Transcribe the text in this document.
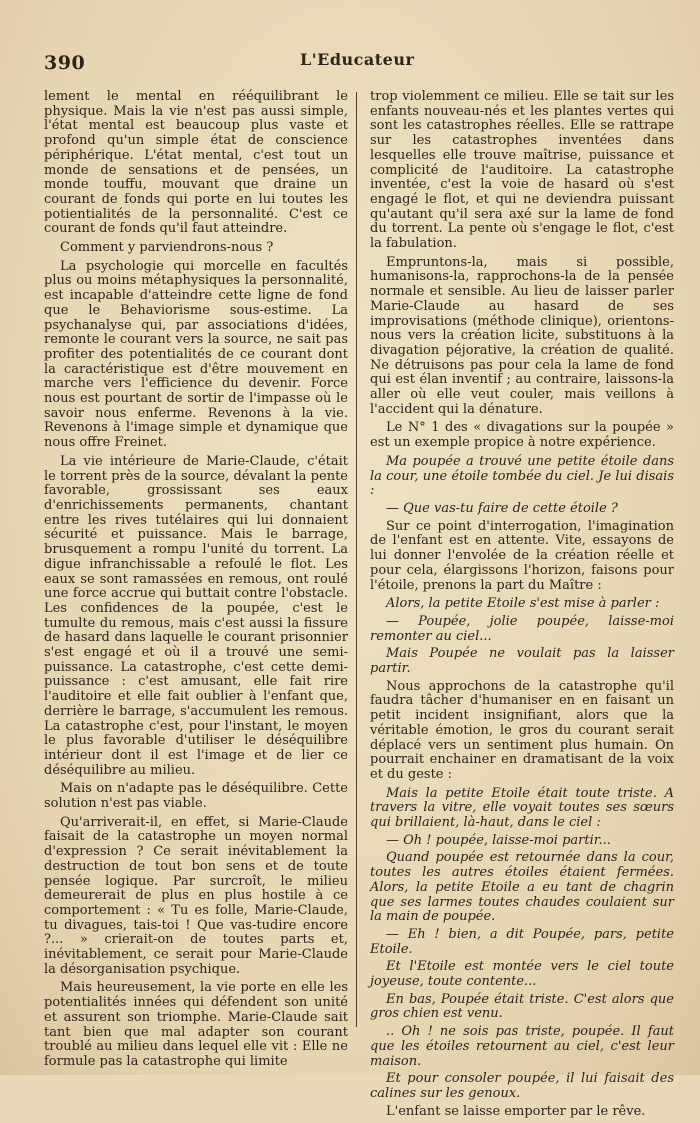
390	L'Educateur

lement le mental en rééquilibrant le physique. Mais la vie n'est pas aussi simple, l'état mental est beaucoup plus vaste et profond qu'un simple état de conscience périphérique. L'état mental, c'est tout un monde de sensations et de pensées, un monde touffu, mouvant que draine un courant de fonds qui porte en lui toutes les potientialités de la personnalité. C'est ce courant de fonds qu'il faut atteindre.

Comment y parviendrons-nous ?

La psychologie qui morcelle en facultés plus ou moins métaphysiques la personnalité, est incapable d'atteindre cette ligne de fond que le Behaviorisme sous-estime. La psychanalyse qui, par associations d'idées, remonte le courant vers la source, ne sait pas profiter des potentialités de ce courant dont la caractéristique est d'être mouvement en marche vers l'efficience du devenir. Force nous est pourtant de sortir de l'impasse où le savoir nous enferme. Revenons à la vie. Revenons à l'image simple et dynamique que nous offre Freinet.

La vie intérieure de Marie-Claude, c'était le torrent près de la source, dévalant la pente favorable, grossissant ses eaux d'enrichissements permanents, chantant entre les rives tutélaires qui lui donnaient sécurité et puissance. Mais le barrage, brusquement a rompu l'unité du torrent. La digue infranchissable a refoulé le flot. Les eaux se sont ramassées en remous, ont roulé une force accrue qui buttait contre l'obstacle. Les confidences de la poupée, c'est le tumulte du remous, mais c'est aussi la fissure de hasard dans laquelle le courant prisonnier s'est engagé et où il a trouvé une semi-puissance. La catastrophe, c'est cette demi-puissance : c'est amusant, elle fait rire l'auditoire et elle fait oublier à l'enfant que, derrière le barrage, s'accumulent les remous. La catastrophe c'est, pour l'instant, le moyen le plus favorable d'utiliser le déséquilibre intérieur dont il est l'image et de lier ce déséquilibre au milieu.

Mais on n'adapte pas le déséquilibre. Cette solution n'est pas viable.

Qu'arriverait-il, en effet, si Marie-Claude faisait de la catastrophe un moyen normal d'expression ? Ce serait inévitablement la destruction de tout bon sens et de toute pensée logique. Par surcroît, le milieu demeurerait de plus en plus hostile à ce comportement : « Tu es folle, Marie-Claude, tu divagues, tais-toi ! Que vas-tudire encore ?... » crierait-on de toutes parts et, inévitablement, ce serait pour Marie-Claude la désorganisation psychique.

Mais heureusement, la vie porte en elle les potentialités innées qui défendent son unité et assurent son triomphe. Marie-Claude sait tant bien que mal adapter son courant troublé au milieu dans lequel elle vit : Elle ne formule pas la catastrophe qui limite

trop violemment ce milieu. Elle se tait sur les enfants nouveau-nés et les plantes vertes qui sont les catastrophes réelles. Elle se rattrape sur les catastrophes inventées dans lesquelles elle trouve maîtrise, puissance et complicité de l'auditoire. La catastrophe inventée, c'est la voie de hasard où s'est engagé le flot, et qui ne deviendra puissant qu'autant qu'il sera axé sur la lame de fond du torrent. La pente où s'engage le flot, c'est la fabulation.

Empruntons-la, mais si possible, humanisons-la, rapprochons-la de la pensée normale et sensible. Au lieu de laisser parler Marie-Claude au hasard de ses improvisations (méthode clinique), orientons-nous vers la création licite, substituons à la divagation péjorative, la création de qualité. Ne détruisons pas pour cela la lame de fond qui est élan inventif ; au contraire, laissons-la aller où elle veut couler, mais veillons à l'accident qui la dénature.

Le N° 1 des « divagations sur la poupée » est un exemple propice à notre expérience.

Ma poupée a trouvé une petite étoile dans la cour, une étoile tombée du ciel. Je lui disais :

— Que vas-tu faire de cette étoile ?

Sur ce point d'interrogation, l'imagination de l'enfant est en attente. Vite, essayons de lui donner l'envolée de la création réelle et pour cela, élargissons l'horizon, faisons pour l'étoile, prenons la part du Maître :

Alors, la petite Etoile s'est mise à parler :

— Poupée, jolie poupée, laisse-moi remonter au ciel...

Mais Poupée ne voulait pas la laisser partir.

Nous approchons de la catastrophe qu'il faudra tâcher d'humaniser en en faisant un petit incident insignifiant, alors que la véritable émotion, le gros du courant serait déplacé vers un sentiment plus humain. On pourrait enchainer en dramatisant de la voix et du geste :

Mais la petite Etoile était toute triste. A travers la vitre, elle voyait toutes ses sœurs qui brillaient, là-haut, dans le ciel :

— Oh ! poupée, laisse-moi partir...

Quand poupée est retournée dans la cour, toutes les autres étoiles étaient fermées. Alors, la petite Etoile a eu tant de chagrin que ses larmes toutes chaudes coulaient sur la main de poupée.

— Eh ! bien, a dit Poupée, pars, petite Etoile.

Et l'Etoile est montée vers le ciel toute joyeuse, toute contente...

En bas, Poupée était triste. C'est alors que gros chien est venu.

.. Oh ! ne sois pas triste, poupée. Il faut que les étoiles retournent au ciel, c'est leur maison.

Et pour consoler poupée, il lui faisait des calines sur les genoux.

L'enfant se laisse emporter par le rêve.
